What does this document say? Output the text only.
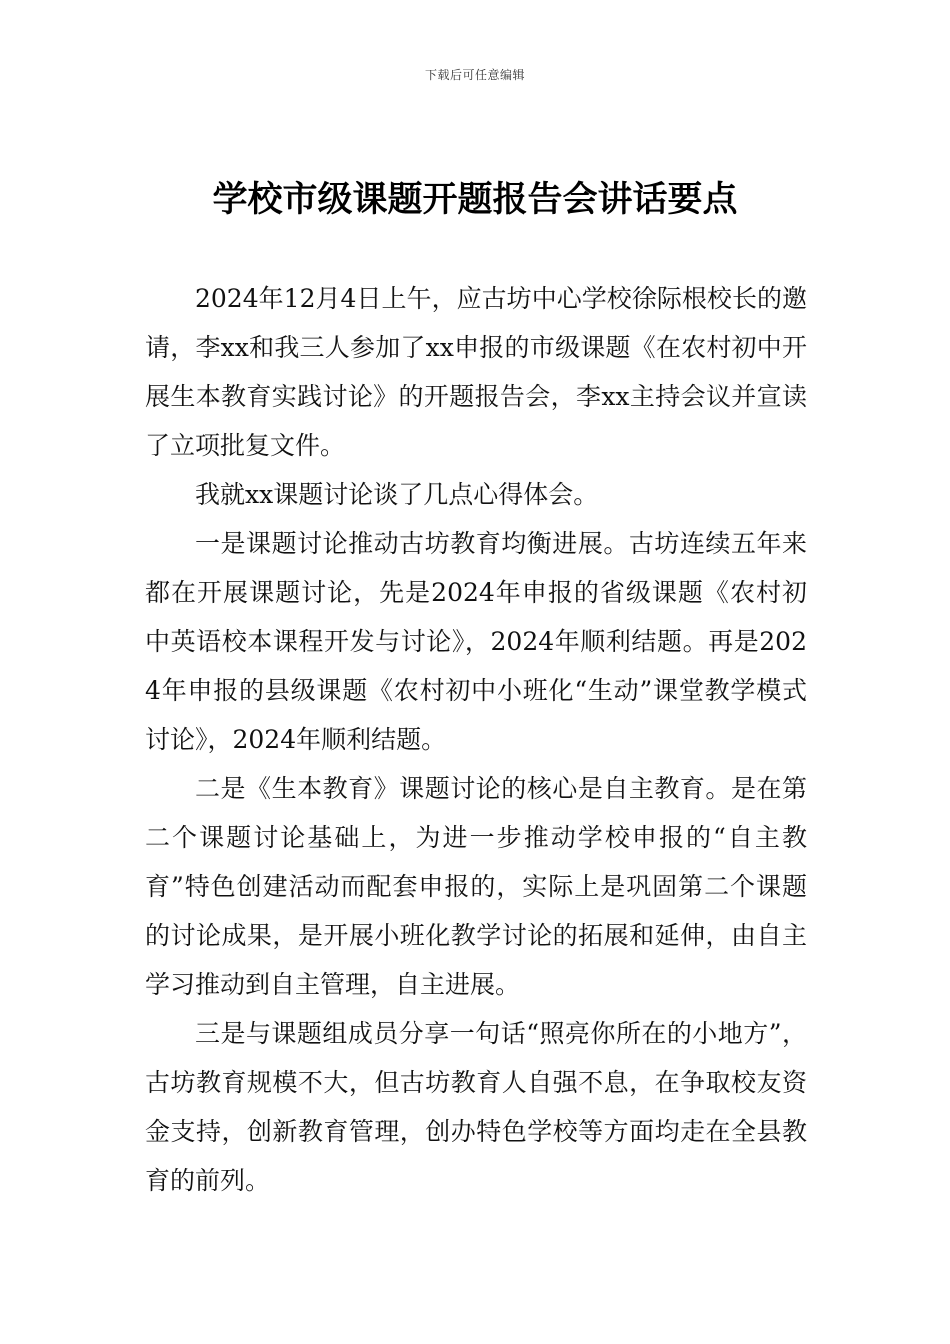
下载后可任意编辑
学校市级课题开题报告会讲话要点

2024年12月4日上午，应古坊中心学校徐际根校长的邀请，李xx和我三人参加了xx申报的市级课题《在农村初中开展生本教育实践讨论》的开题报告会，李xx主持会议并宣读了立项批复文件。

我就xx课题讨论谈了几点心得体会。

一是课题讨论推动古坊教育均衡进展。古坊连续五年来都在开展课题讨论，先是2024年申报的省级课题《农村初中英语校本课程开发与讨论》，2024年顺利结题。再是2024年申报的县级课题《农村初中小班化“生动”课堂教学模式讨论》，2024年顺利结题。

二是《生本教育》课题讨论的核心是自主教育。是在第二个课题讨论基础上，为进一步推动学校申报的“自主教育”特色创建活动而配套申报的，实际上是巩固第二个课题的讨论成果，是开展小班化教学讨论的拓展和延伸，由自主学习推动到自主管理，自主进展。

三是与课题组成员分享一句话“照亮你所在的小地方”，古坊教育规模不大，但古坊教育人自强不息，在争取校友资金支持，创新教育管理，创办特色学校等方面均走在全县教育的前列。
